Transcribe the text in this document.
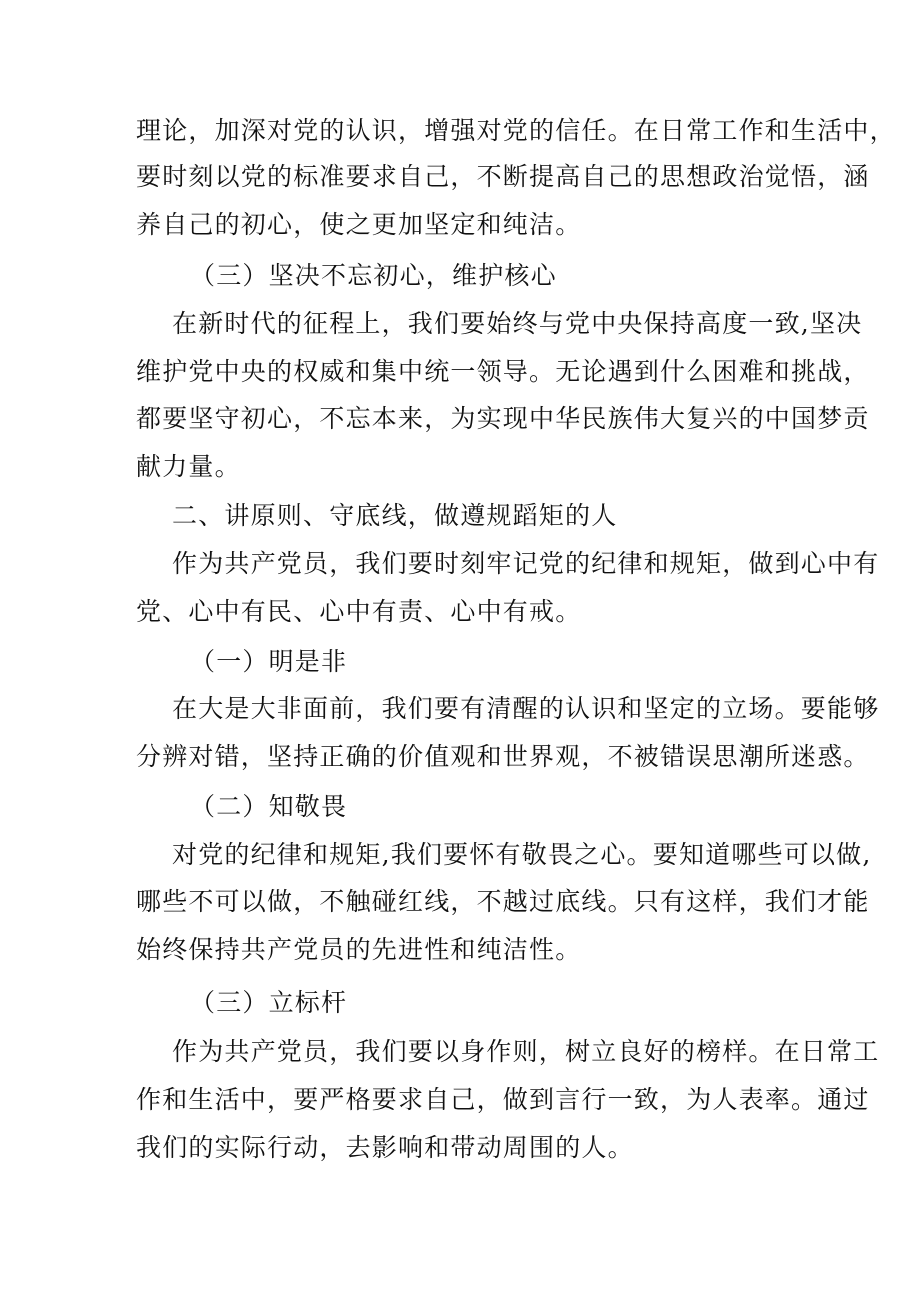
理论，加深对党的认识，增强对党的信任。在日常工作和生活中，
要时刻以党的标准要求自己，不断提高自己的思想政治觉悟，涵
养自己的初心，使之更加坚定和纯洁。
（三）坚决不忘初心，维护核心
在新时代的征程上，我们要始终与党中央保持高度一致,坚决
维护党中央的权威和集中统一领导。无论遇到什么困难和挑战，
都要坚守初心，不忘本来，为实现中华民族伟大复兴的中国梦贡
献力量。
二、讲原则、守底线，做遵规蹈矩的人
作为共产党员，我们要时刻牢记党的纪律和规矩，做到心中有
党、心中有民、心中有责、心中有戒。
（一）明是非
在大是大非面前，我们要有清醒的认识和坚定的立场。要能够
分辨对错，坚持正确的价值观和世界观，不被错误思潮所迷惑。
（二）知敬畏
对党的纪律和规矩,我们要怀有敬畏之心。要知道哪些可以做,
哪些不可以做，不触碰红线，不越过底线。只有这样，我们才能
始终保持共产党员的先进性和纯洁性。
（三）立标杆
作为共产党员，我们要以身作则，树立良好的榜样。在日常工
作和生活中，要严格要求自己，做到言行一致，为人表率。通过
我们的实际行动，去影响和带动周围的人。
